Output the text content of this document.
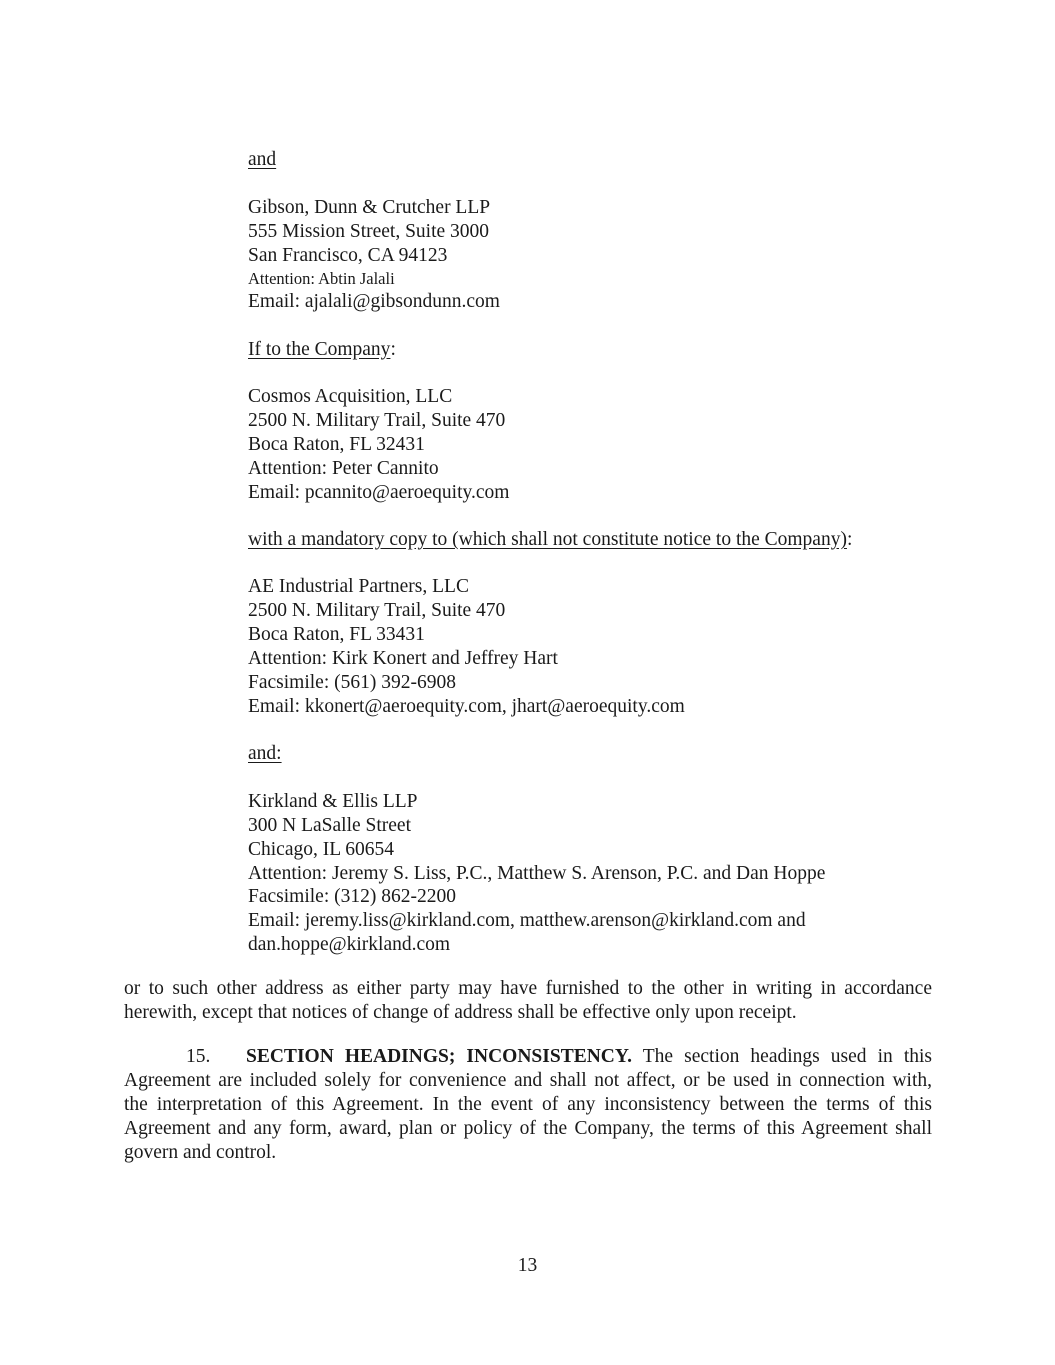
and
Gibson, Dunn & Crutcher LLP
555 Mission Street, Suite 3000
San Francisco, CA 94123
Attention: Abtin Jalali
Email: ajalali@gibsondunn.com
If to the Company:
Cosmos Acquisition, LLC
2500 N. Military Trail, Suite 470
Boca Raton, FL 32431
Attention: Peter Cannito
Email: pcannito@aeroequity.com
with a mandatory copy to (which shall not constitute notice to the Company):
AE Industrial Partners, LLC
2500 N. Military Trail, Suite 470
Boca Raton, FL 33431
Attention: Kirk Konert and Jeffrey Hart
Facsimile: (561) 392-6908
Email: kkonert@aeroequity.com, jhart@aeroequity.com
and:
Kirkland & Ellis LLP
300 N LaSalle Street
Chicago, IL 60654
Attention: Jeremy S. Liss, P.C., Matthew S. Arenson, P.C. and Dan Hoppe
Facsimile: (312) 862-2200
Email: jeremy.liss@kirkland.com, matthew.arenson@kirkland.com and
dan.hoppe@kirkland.com
or to such other address as either party may have furnished to the other in writing in accordance
herewith, except that notices of change of address shall be effective only upon receipt.
15. SECTION HEADINGS; INCONSISTENCY. The section headings used in this
Agreement are included solely for convenience and shall not affect, or be used in connection with,
the interpretation of this Agreement. In the event of any inconsistency between the terms of this
Agreement and any form, award, plan or policy of the Company, the terms of this Agreement shall
govern and control.
13
